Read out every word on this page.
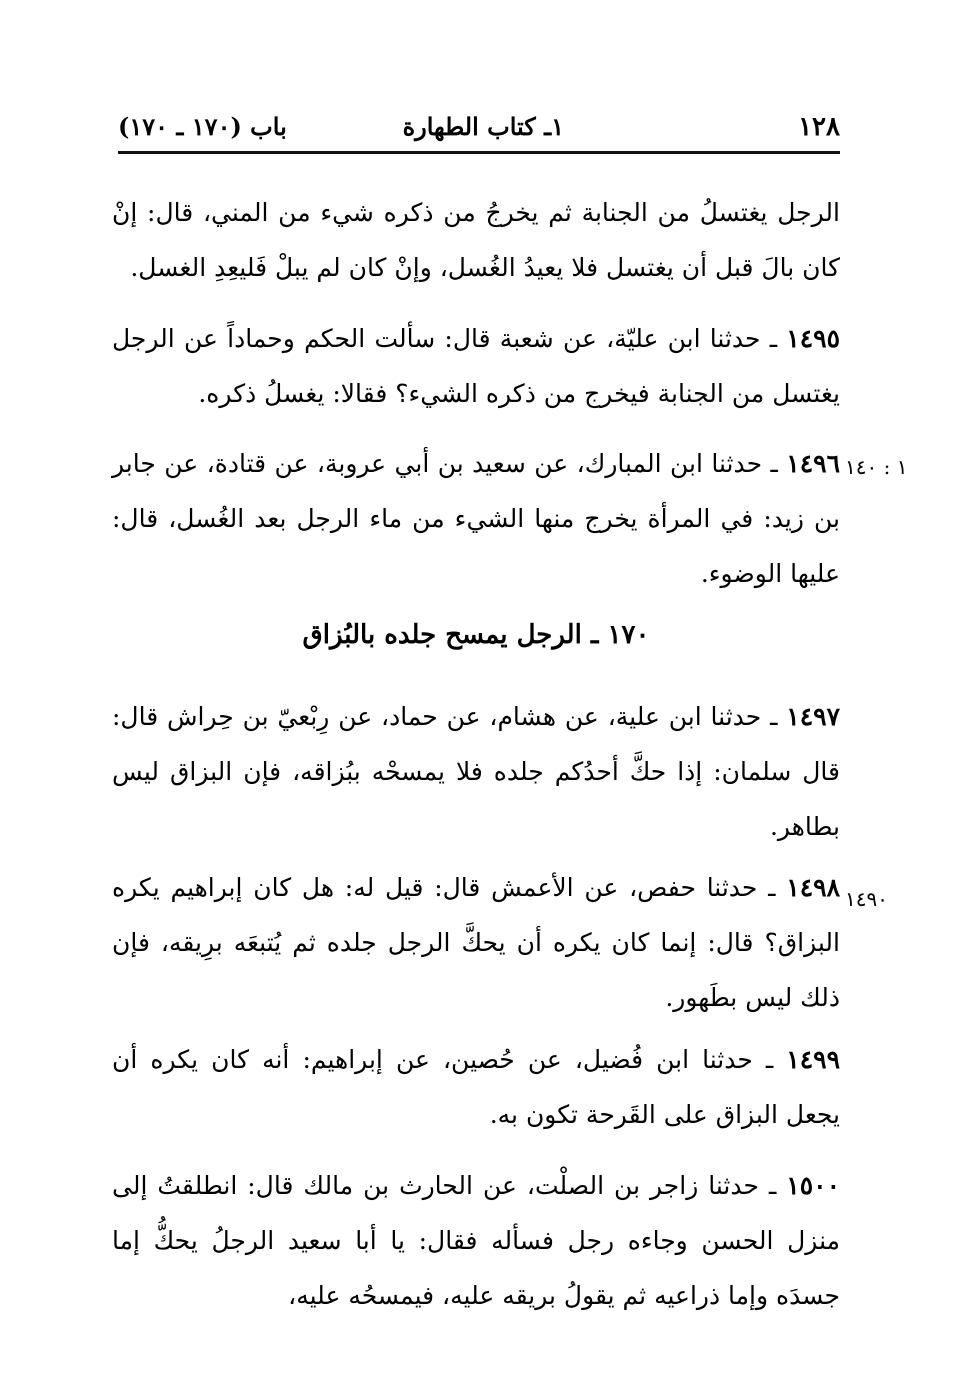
١٢٨
١ـ كتاب الطهارة
باب (١٧٠ ـ ١٧٠)
الرجل يغتسلُ من الجنابة ثم يخرجُ من ذكره شيء من المني، قال: إنْ كان بالَ قبل أن يغتسل فلا يعيدُ الغُسل، وإنْ كان لم يبلْ فَليعِدِ الغسل.
١٤٩٥ ـ حدثنا ابن عليّة، عن شعبة قال: سألت الحكم وحماداً عن الرجل يغتسل من الجنابة فيخرج من ذكره الشيء؟ فقالا: يغسلُ ذكره.
١٤٩٦ ـ حدثنا ابن المبارك، عن سعيد بن أبي عروبة، عن قتادة، عن جابر بن زيد: في المرأة يخرج منها الشيء من ماء الرجل بعد الغُسل، قال: عليها الوضوء.
١٧٠ ـ الرجل يمسح جلده بالبُزاق
١٤٩٧ ـ حدثنا ابن علية، عن هشام، عن حماد، عن رِبْعيّ بن حِراش قال: قال سلمان: إذا حكَّ أحدُكم جلده فلا يمسحْه ببُزاقه، فإن البزاق ليس بطاهر.
١٤٩٨ ـ حدثنا حفص، عن الأعمش قال: قيل له: هل كان إبراهيم يكره البزاق؟ قال: إنما كان يكره أن يحكَّ الرجل جلده ثم يُتبعَه برِيقه، فإن ذلك ليس بطَهور.
١٤٩٩ ـ حدثنا ابن فُضيل، عن حُصين، عن إبراهيم: أنه كان يكره أن يجعل البزاق على القَرحة تكون به.
١٥٠٠ ـ حدثنا زاجر بن الصلْت، عن الحارث بن مالك قال: انطلقتُ إلى منزل الحسن وجاءه رجل فسأله فقال: يا أبا سعيد الرجلُ يحكُّ إما جسدَه وإما ذراعيه ثم يقولُ بريقه عليه، فيمسحُه عليه،
١ : ١٤٠
١٤٩٠
